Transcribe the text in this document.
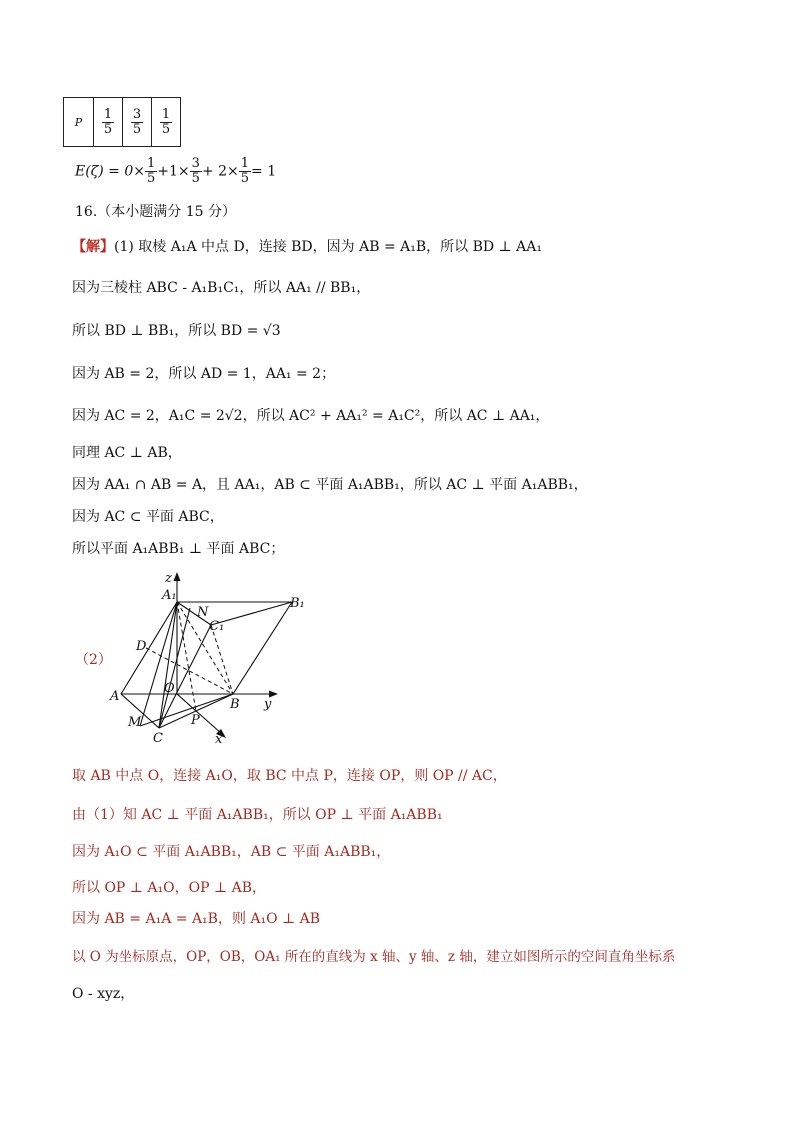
P	$\frac{1}{5}$	$\frac{3}{5}$	$\frac{1}{5}$
$E(\zeta) = 0\times \frac{1}{5} +1\times \frac{3}{5} + 2\times \frac{1}{5} = 1$
16.（本小题满分 15 分）
【解】(1) 取棱 A₁A 中点 D，连接 BD，因为 AB = A₁B，所以 BD ⊥ AA₁
因为三棱柱 ABC - A₁B₁C₁，所以 AA₁ // BB₁，
所以 BD ⊥ BB₁，所以 BD = √3
因为 AB = 2，所以 AD = 1，AA₁ = 2；
因为 AC = 2，A₁C = 2√2，所以 AC² + AA₁² = A₁C²，所以 AC ⊥ AA₁，
同理 AC ⊥ AB，
因为 AA₁ ∩ AB = A，且 AA₁，AB ⊂ 平面 A₁ABB₁，所以 AC ⊥ 平面 A₁ABB₁，
因为 AC ⊂ 平面 ABC，
所以平面 A₁ABB₁ ⊥ 平面 ABC；
（2）
z
A₁
N
C₁
B₁
D
O
A
B y
M	P
C	x
取 AB 中点 O，连接 A₁O，取 BC 中点 P，连接 OP，则 OP // AC，
由（1）知 AC ⊥ 平面 A₁ABB₁，所以 OP ⊥ 平面 A₁ABB₁
因为 A₁O ⊂ 平面 A₁ABB₁，AB ⊂ 平面 A₁ABB₁，
所以 OP ⊥ A₁O，OP ⊥ AB，
因为 AB = A₁A = A₁B，则 A₁O ⊥ AB
以 O 为坐标原点，OP，OB，OA₁ 所在的直线为 x 轴、y 轴、z 轴，建立如图所示的空间直角坐标系
O - xyz，
